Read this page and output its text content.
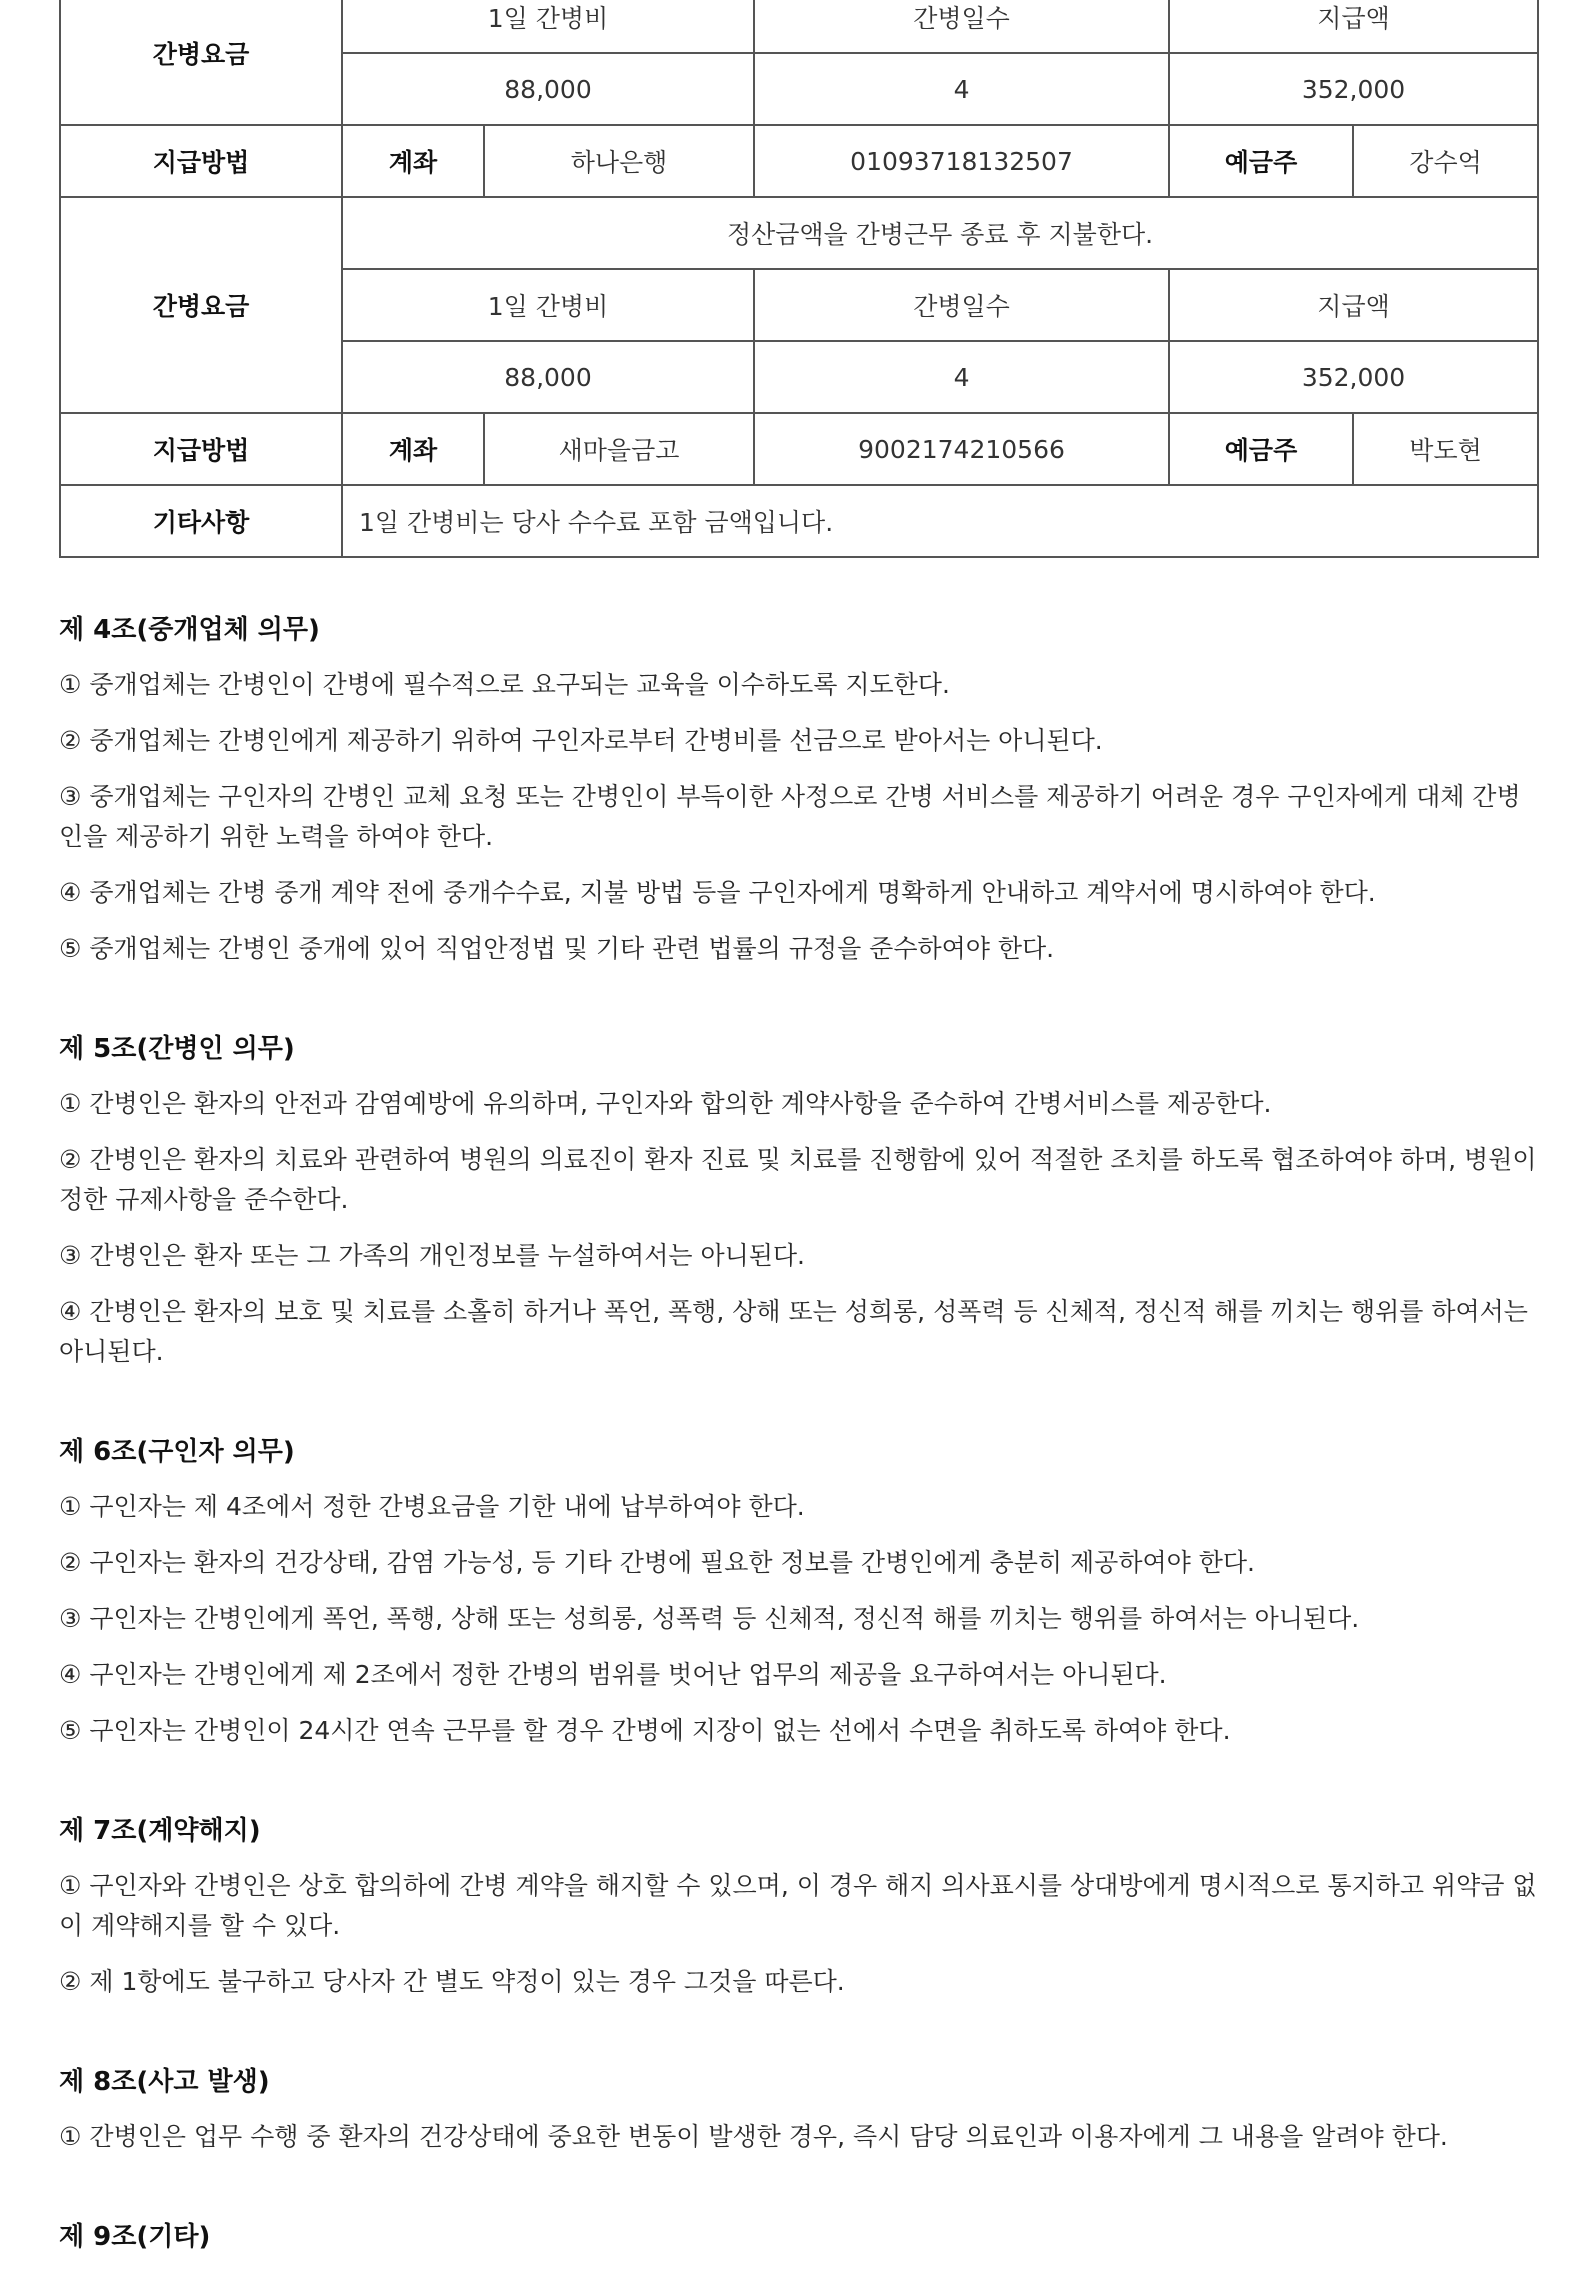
간병요금	1일 간병비		간병일수	지급액	
	88,000		4	352,000	
지급방법	계좌	하나은행	01093718132507	예금주	강수억
간병요금	정산금액을 간병근무 종료 후 지불한다.				
	1일 간병비		간병일수	지급액	
	88,000		4	352,000	
지급방법	계좌	새마을금고	9002174210566	예금주	박도현
기타사항	1일 간병비는 당사 수수료 포함 금액입니다.				

제 4조(중개업체 의무)

① 중개업체는 간병인이 간병에 필수적으로 요구되는 교육을 이수하도록 지도한다.

② 중개업체는 간병인에게 제공하기 위하여 구인자로부터 간병비를 선금으로 받아서는 아니된다.

③ 중개업체는 구인자의 간병인 교체 요청 또는 간병인이 부득이한 사정으로 간병 서비스를 제공하기 어려운 경우 구인자에게 대체 간병인을 제공하기 위한 노력을 하여야 한다.

④ 중개업체는 간병 중개 계약 전에 중개수수료, 지불 방법 등을 구인자에게 명확하게 안내하고 계약서에 명시하여야 한다.

⑤ 중개업체는 간병인 중개에 있어 직업안정법 및 기타 관련 법률의 규정을 준수하여야 한다.

제 5조(간병인 의무)

① 간병인은 환자의 안전과 감염예방에 유의하며, 구인자와 합의한 계약사항을 준수하여 간병서비스를 제공한다.

② 간병인은 환자의 치료와 관련하여 병원의 의료진이 환자 진료 및 치료를 진행함에 있어 적절한 조치를 하도록 협조하여야 하며, 병원이 정한 규제사항을 준수한다.

③ 간병인은 환자 또는 그 가족의 개인정보를 누설하여서는 아니된다.

④ 간병인은 환자의 보호 및 치료를 소홀히 하거나 폭언, 폭행, 상해 또는 성희롱, 성폭력 등 신체적, 정신적 해를 끼치는 행위를 하여서는 아니된다.

제 6조(구인자 의무)

① 구인자는 제 4조에서 정한 간병요금을 기한 내에 납부하여야 한다.

② 구인자는 환자의 건강상태, 감염 가능성, 등 기타 간병에 필요한 정보를 간병인에게 충분히 제공하여야 한다.

③ 구인자는 간병인에게 폭언, 폭행, 상해 또는 성희롱, 성폭력 등 신체적, 정신적 해를 끼치는 행위를 하여서는 아니된다.

④ 구인자는 간병인에게 제 2조에서 정한 간병의 범위를 벗어난 업무의 제공을 요구하여서는 아니된다.

⑤ 구인자는 간병인이 24시간 연속 근무를 할 경우 간병에 지장이 없는 선에서 수면을 취하도록 하여야 한다.

제 7조(계약해지)

① 구인자와 간병인은 상호 합의하에 간병 계약을 해지할 수 있으며, 이 경우 해지 의사표시를 상대방에게 명시적으로 통지하고 위약금 없이 계약해지를 할 수 있다.

② 제 1항에도 불구하고 당사자 간 별도 약정이 있는 경우 그것을 따른다.

제 8조(사고 발생)

① 간병인은 업무 수행 중 환자의 건강상태에 중요한 변동이 발생한 경우, 즉시 담당 의료인과 이용자에게 그 내용을 알려야 한다.

제 9조(기타)
